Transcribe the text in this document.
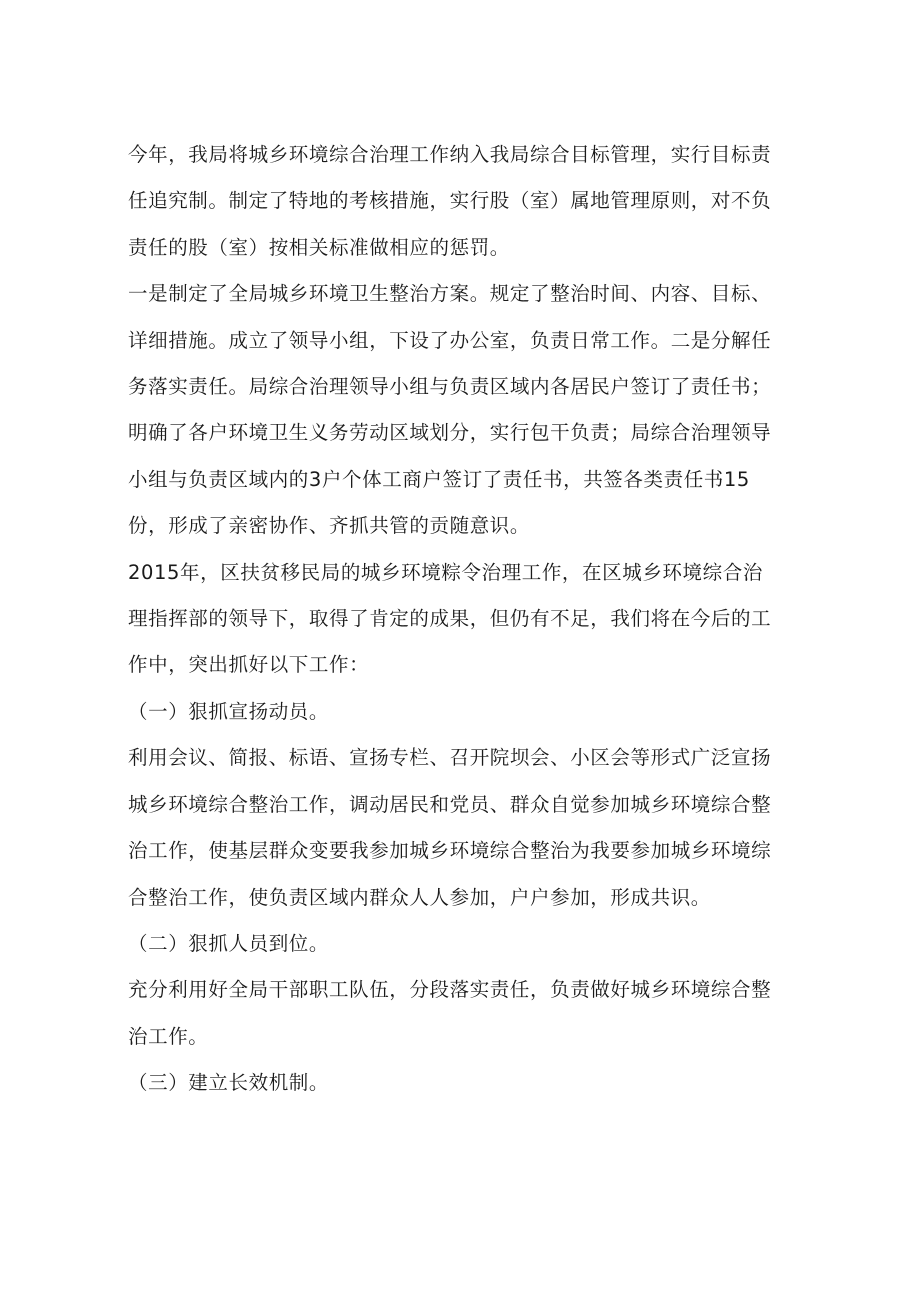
今年，我局将城乡环境综合治理工作纳入我局综合目标管理，实行目标责任追究制。制定了特地的考核措施，实行股（室）属地管理原则，对不负责任的股（室）按相关标准做相应的惩罚。

一是制定了全局城乡环境卫生整治方案。规定了整治时间、内容、目标、详细措施。成立了领导小组，下设了办公室，负责日常工作。二是分解任务落实责任。局综合治理领导小组与负责区域内各居民户签订了责任书；明确了各户环境卫生义务劳动区域划分，实行包干负责；局综合治理领导小组与负责区域内的3户个体工商户签订了责任书，共签各类责任书15份，形成了亲密协作、齐抓共管的贡随意识。

2015年，区扶贫移民局的城乡环境粽令治理工作，在区城乡环境综合治理指挥部的领导下，取得了肯定的成果，但仍有不足，我们将在今后的工作中，突出抓好以下工作：

（一）狠抓宣扬动员。

利用会议、简报、标语、宣扬专栏、召开院坝会、小区会等形式广泛宣扬城乡环境综合整治工作，调动居民和党员、群众自觉参加城乡环境综合整治工作，使基层群众变要我参加城乡环境综合整治为我要参加城乡环境综合整治工作，使负责区域内群众人人参加，户户参加，形成共识。

（二）狠抓人员到位。

充分利用好全局干部职工队伍，分段落实责任，负责做好城乡环境综合整治工作。

（三）建立长效机制。
